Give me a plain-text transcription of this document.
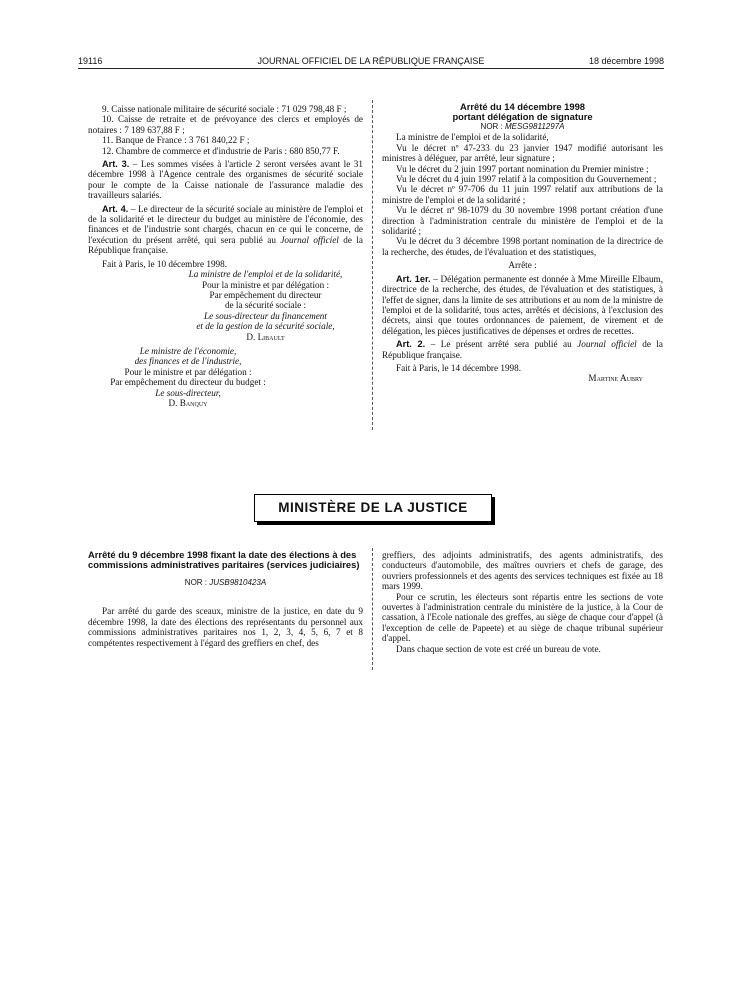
19116	JOURNAL OFFICIEL DE LA RÉPUBLIQUE FRANÇAISE	18 décembre 1998

9. Caisse nationale militaire de sécurité sociale : 71 029 798,48 F ;

10. Caisse de retraite et de prévoyance des clercs et employés de notaires : 7 189 637,88 F ;

11. Banque de France : 3 761 840,22 F ;

12. Chambre de commerce et d'industrie de Paris : 680 850,77 F.

Art. 3. – Les sommes visées à l'article 2 seront versées avant le 31 décembre 1998 à l'Agence centrale des organismes de sécurité sociale pour le compte de la Caisse nationale de l'assurance maladie des travailleurs salariés.

Art. 4. – Le directeur de la sécurité sociale au ministère de l'emploi et de la solidarité et le directeur du budget au ministère de l'économie, des finances et de l'industrie sont chargés, chacun en ce qui le concerne, de l'exécution du présent arrêté, qui sera publié au Journal officiel de la République française.

Fait à Paris, le 10 décembre 1998.

La ministre de l'emploi et de la solidarité,

Pour la ministre et par délégation :

Par empêchement du directeur

de la sécurité sociale :

Le sous-directeur du financement

et de la gestion de la sécurité sociale,

D. Libault

Le ministre de l'économie,

des finances et de l'industrie,

Pour le ministre et par délégation :

Par empêchement du directeur du budget :

Le sous-directeur,

D. Banquy

Arrêté du 14 décembre 1998

portant délégation de signature

NOR : MESG9811297A

La ministre de l'emploi et de la solidarité,

Vu le décret nº 47-233 du 23 janvier 1947 modifié autorisant les ministres à déléguer, par arrêté, leur signature ;

Vu le décret du 2 juin 1997 portant nomination du Premier ministre ;

Vu le décret du 4 juin 1997 relatif à la composition du Gouvernement ;

Vu le décret nº 97-706 du 11 juin 1997 relatif aux attributions de la ministre de l'emploi et de la solidarité ;

Vu le décret nº 98-1079 du 30 novembre 1998 portant création d'une direction à l'administration centrale du ministère de l'emploi et de la solidarité ;

Vu le décret du 3 décembre 1998 portant nomination de la directrice de la recherche, des études, de l'évaluation et des statistiques,

Arrête :

Art. 1er. – Délégation permanente est donnée à Mme Mireille Elbaum, directrice de la recherche, des études, de l'évaluation et des statistiques, à l'effet de signer, dans la limite de ses attributions et au nom de la ministre de l'emploi et de la solidarité, tous actes, arrêtés et décisions, à l'exclusion des décrets, ainsi que toutes ordonnances de paiement, de virement et de délégation, les pièces justificatives de dépenses et ordres de recettes.

Art. 2. – Le présent arrêté sera publié au Journal officiel de la République française.

Fait à Paris, le 14 décembre 1998.

Martine Aubry

MINISTÈRE DE LA JUSTICE

Arrêté du 9 décembre 1998 fixant la date des élections à des commissions administratives paritaires (services judiciaires)

NOR : JUSB9810423A

Par arrêté du garde des sceaux, ministre de la justice, en date du 9 décembre 1998, la date des élections des représentants du personnel aux commissions administratives paritaires nos 1, 2, 3, 4, 5, 6, 7 et 8 compétentes respectivement à l'égard des greffiers en chef, des

greffiers, des adjoints administratifs, des agents administratifs, des conducteurs d'automobile, des maîtres ouvriers et chefs de garage, des ouvriers professionnels et des agents des services techniques est fixée au 18 mars 1999.

Pour ce scrutin, les électeurs sont répartis entre les sections de vote ouvertes à l'administration centrale du ministère de la justice, à la Cour de cassation, à l'Ecole nationale des greffes, au siège de chaque cour d'appel (à l'exception de celle de Papeete) et au siège de chaque tribunal supérieur d'appel.

Dans chaque section de vote est créé un bureau de vote.
